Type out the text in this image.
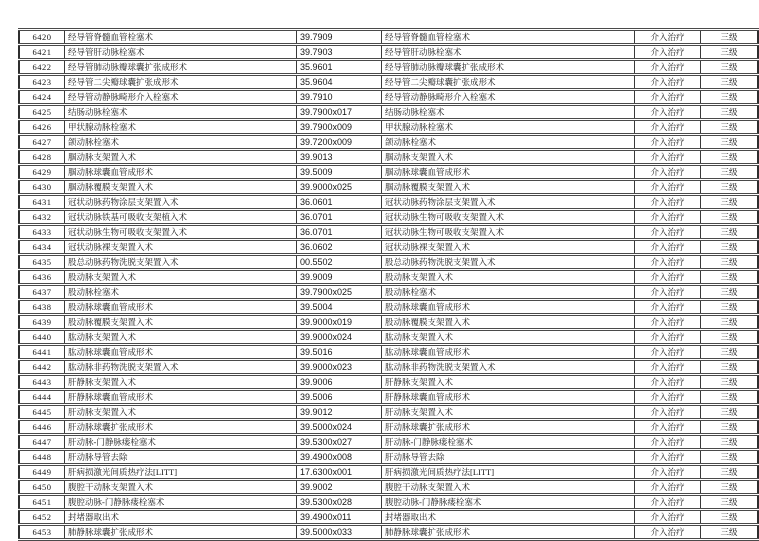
6420	经导管脊髓血管栓塞术	39.7909	经导管脊髓血管栓塞术	介入治疗	三级
6421	经导管肝动脉栓塞术	39.7903	经导管肝动脉栓塞术	介入治疗	三级
6422	经导管肺动脉瓣球囊扩张成形术	35.9601	经导管肺动脉瓣球囊扩张成形术	介入治疗	三级
6423	经导管二尖瓣球囊扩张成形术	35.9604	经导管二尖瓣球囊扩张成形术	介入治疗	三级
6424	经导管动静脉畸形介入栓塞术	39.7910	经导管动静脉畸形介入栓塞术	介入治疗	三级
6425	结肠动脉栓塞术	39.7900x017	结肠动脉栓塞术	介入治疗	三级
6426	甲状腺动脉栓塞术	39.7900x009	甲状腺动脉栓塞术	介入治疗	三级
6427	颌动脉栓塞术	39.7200x009	颌动脉栓塞术	介入治疗	三级
6428	腘动脉支架置入术	39.9013	腘动脉支架置入术	介入治疗	三级
6429	腘动脉球囊血管成形术	39.5009	腘动脉球囊血管成形术	介入治疗	三级
6430	腘动脉覆膜支架置入术	39.9000x025	腘动脉覆膜支架置入术	介入治疗	三级
6431	冠状动脉药物涂层支架置入术	36.0601	冠状动脉药物涂层支架置入术	介入治疗	三级
6432	冠状动脉铁基可吸收支架植入术	36.0701	冠状动脉生物可吸收支架置入术	介入治疗	三级
6433	冠状动脉生物可吸收支架置入术	36.0701	冠状动脉生物可吸收支架置入术	介入治疗	三级
6434	冠状动脉裸支架置入术	36.0602	冠状动脉裸支架置入术	介入治疗	三级
6435	股总动脉药物洗脱支架置入术	00.5502	股总动脉药物洗脱支架置入术	介入治疗	三级
6436	股动脉支架置入术	39.9009	股动脉支架置入术	介入治疗	三级
6437	股动脉栓塞术	39.7900x025	股动脉栓塞术	介入治疗	三级
6438	股动脉球囊血管成形术	39.5004	股动脉球囊血管成形术	介入治疗	三级
6439	股动脉覆膜支架置入术	39.9000x019	股动脉覆膜支架置入术	介入治疗	三级
6440	肱动脉支架置入术	39.9000x024	肱动脉支架置入术	介入治疗	三级
6441	肱动脉球囊血管成形术	39.5016	肱动脉球囊血管成形术	介入治疗	三级
6442	肱动脉非药物洗脱支架置入术	39.9000x023	肱动脉非药物洗脱支架置入术	介入治疗	三级
6443	肝静脉支架置入术	39.9006	肝静脉支架置入术	介入治疗	三级
6444	肝静脉球囊血管成形术	39.5006	肝静脉球囊血管成形术	介入治疗	三级
6445	肝动脉支架置入术	39.9012	肝动脉支架置入术	介入治疗	三级
6446	肝动脉球囊扩张成形术	39.5000x024	肝动脉球囊扩张成形术	介入治疗	三级
6447	肝动脉-门静脉瘘栓塞术	39.5300x027	肝动脉-门静脉瘘栓塞术	介入治疗	三级
6448	肝动脉导管去除	39.4900x008	肝动脉导管去除	介入治疗	三级
6449	肝病损激光间质热疗法[LITT]	17.6300x001	肝病损激光间质热疗法[LITT]	介入治疗	三级
6450	腹腔干动脉支架置入术	39.9002	腹腔干动脉支架置入术	介入治疗	三级
6451	腹腔动脉-门静脉瘘栓塞术	39.5300x028	腹腔动脉-门静脉瘘栓塞术	介入治疗	三级
6452	封堵器取出术	39.4900x011	封堵器取出术	介入治疗	三级
6453	肺静脉球囊扩张成形术	39.5000x033	肺静脉球囊扩张成形术	介入治疗	三级
